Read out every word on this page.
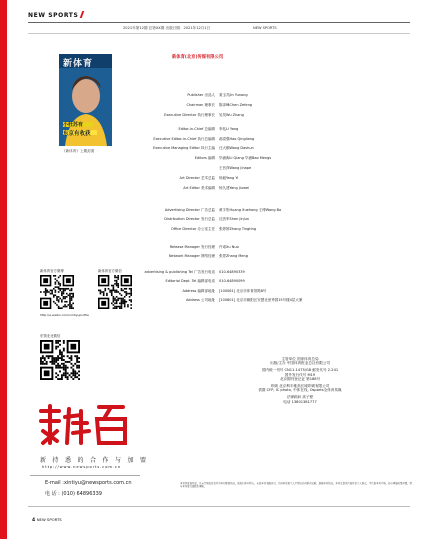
NEW SPORTS
2021年第12期 总第XX期 出版日期：2021年12月1日	NEW SPORTS
新体育
小杜苏有
东京有收获
《新体育》上期封面
新体育(北京)传媒有限公司
Publisher 出品人 姜玉苏Jin Yunong
Chairman 理事长 陈泽峰Chen Zefeng
Executive Director 执行理事长 吴昊Wu Zhang
Editor-in-Chief 总编辑 李兆Li Yang
Executive Editor-in-Chief 执行总编辑 郝清强Hao Qingliang
Executive Managing Editor 执行主编 汪大顺Wang Dashun
Editors 编辑 毕浦淘Li Qiang 毕浦Bao Mengs
王晋萍Wang Jinape
Art Director 艺术总监 杨毅Yang Yi
Art Editor 美术编辑 杨久建Yang Jiuwei
Advertising Director 广告总监 黄宇彤Huang Xuehong 王博Wang Bo
Distribution Director 发行总监 沈劲军Shen Jinjun
Office Director 办公室主任 张婷婷Zhang Tingting
Release Manager 发行经理 许诺Xu Nuo
Network Manager 网络经理 张蒙Zhang Meng
advertising & publishing Tel 广告发行电话 010-64890339
Editorial Dept. Tel 编辑部电话 010-64890099
Address 编辑部地址 [100061] 北京市体育馆路8号
Address 公司地址 [100801] 北京市朝阳区安慧北里秀园15号楼4层大厦
新体育官方微博
http://e.weibo.com/xintiyuprofile
新体育官方微信
东领北北微信
主管单位 国家体育总局
出版/主办 中国体育报业总社有限公司
国内统一刊号 CN11-1475/G8 邮发代号 2-241
国外发行代号 M19
北京期刊登记证 第188号
印刷 北京利丰雅高长城印刷有限公司
供图 CFP, IC photo, 中体在线, Osports全体育传媒
法律顾问 高子程
电话 13801381777
新 持 悉 的 合 作 与 加 盟
http://www.newsports.com.cn
E-mail :xintiyu@newsports.com.cn
电 话 : (010) 64896339
本刊所发表作品，凡未注明出处者均为本刊原创作品，版权归本刊所有。未经本刊书面许可，任何单位和个人不得以任何形式转载、摘编本刊作品。本刊文章仅代表作者个人观点，不代表本刊立场。如有印装质量问题，请与本刊发行部联系调换。
4 NEW SPORTS
